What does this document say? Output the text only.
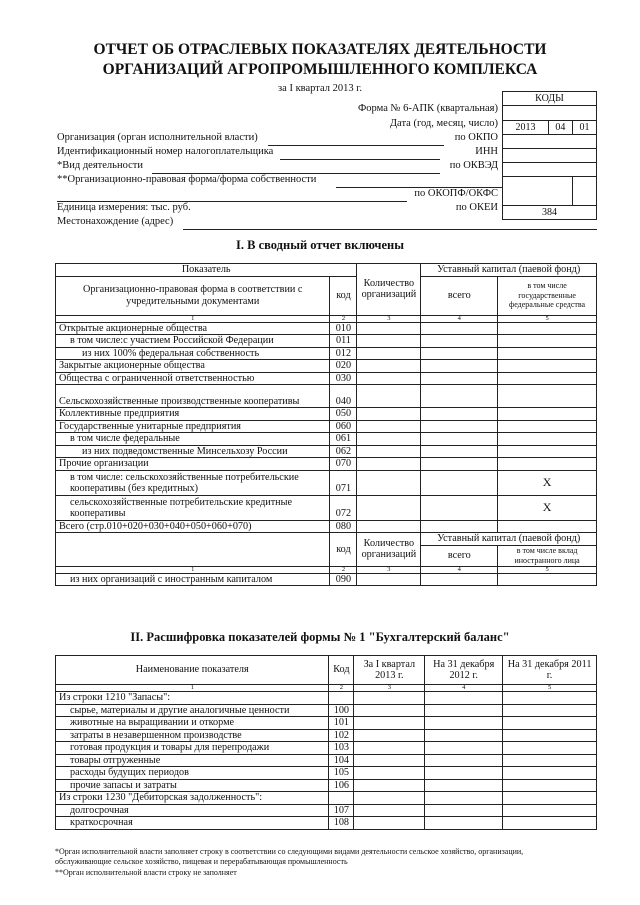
ОТЧЕТ ОБ ОТРАСЛЕВЫХ ПОКАЗАТЕЛЯХ ДЕЯТЕЛЬНОСТИ
ОРГАНИЗАЦИЙ АГРОПРОМЫШЛЕННОГО КОМПЛЕКСА
за I квартал 2013 г.
КОДЫ		

2013	04	01

384		
Форма № 6-АПК (квартальная)
Дата (год, месяц, число)
Организация (орган исполнительной власти)	по ОКПО
Идентификационный номер налогоплательщика	ИНН
*Вид деятельности	по ОКВЭД
**Организационно-правовая форма/форма собственности
по ОКОПФ/ОКФС
Единица измерения: тыс. руб.	по ОКЕИ
Местонахождение (адрес)
I. В сводный отчет включены
Показатель		Количество организаций	Уставный капитал (паевой фонд)	
Организационно-правовая форма в соответствии с учредительными документами	код		всего	в том числе государственные федеральные средства
1	2	3	4	5
Открытые акционерные общества	010			
в том числе:с участием Российской Федерации	011			
из них 100% федеральная собственность	012			
Закрытые акционерные общества	020			
Общества с ограниченной ответственностью	030			
Сельскохозяйственные производственные кооперативы	040			
Коллективные предприятия	050			
Государственные унитарные предприятия	060			
в том числе федеральные	061			
из них подведомственные Минсельхозу России	062			
Прочие организации	070			
в том числе: сельскохозяйственные потребительские кооперативы (без кредитных)	071			Х
сельскохозяйственные потребительские кредитные кооперативы	072			Х
Всего (стр.010+020+030+040+050+060+070)	080			
	код	Количество организаций	Уставный капитал (паевой фонд)	
			всего	в том числе вклад иностранного лица
1	2	3	4	5
из них организаций с иностранным капиталом	090			
II. Расшифровка показателей формы № 1 "Бухгалтерский баланс"
Наименование показателя	Код	За I квартал 2013 г.	На 31 декабря 2012 г.	На 31 декабря 2011 г.
1	2	3	4	5
Из строки 1210 "Запасы":				
сырье, материалы и другие аналогичные ценности	100			
животные на выращивании и откорме	101			
затраты в незавершенном производстве	102			
готовая продукция и товары для перепродажи	103			
товары отгруженные	104			
расходы будущих периодов	105			
прочие запасы и затраты	106			
Из строки 1230 "Дебиторская задолженность":				
долгосрочная	107			
краткосрочная	108			
*Орган исполнительной власти заполняет строку в соответствии со следующими видами деятельности сельское хозяйство, организации,
обслуживающие сельское хозяйство, пищевая и перерабатывающая промышленность
**Орган исполнительной власти строку не заполняет
